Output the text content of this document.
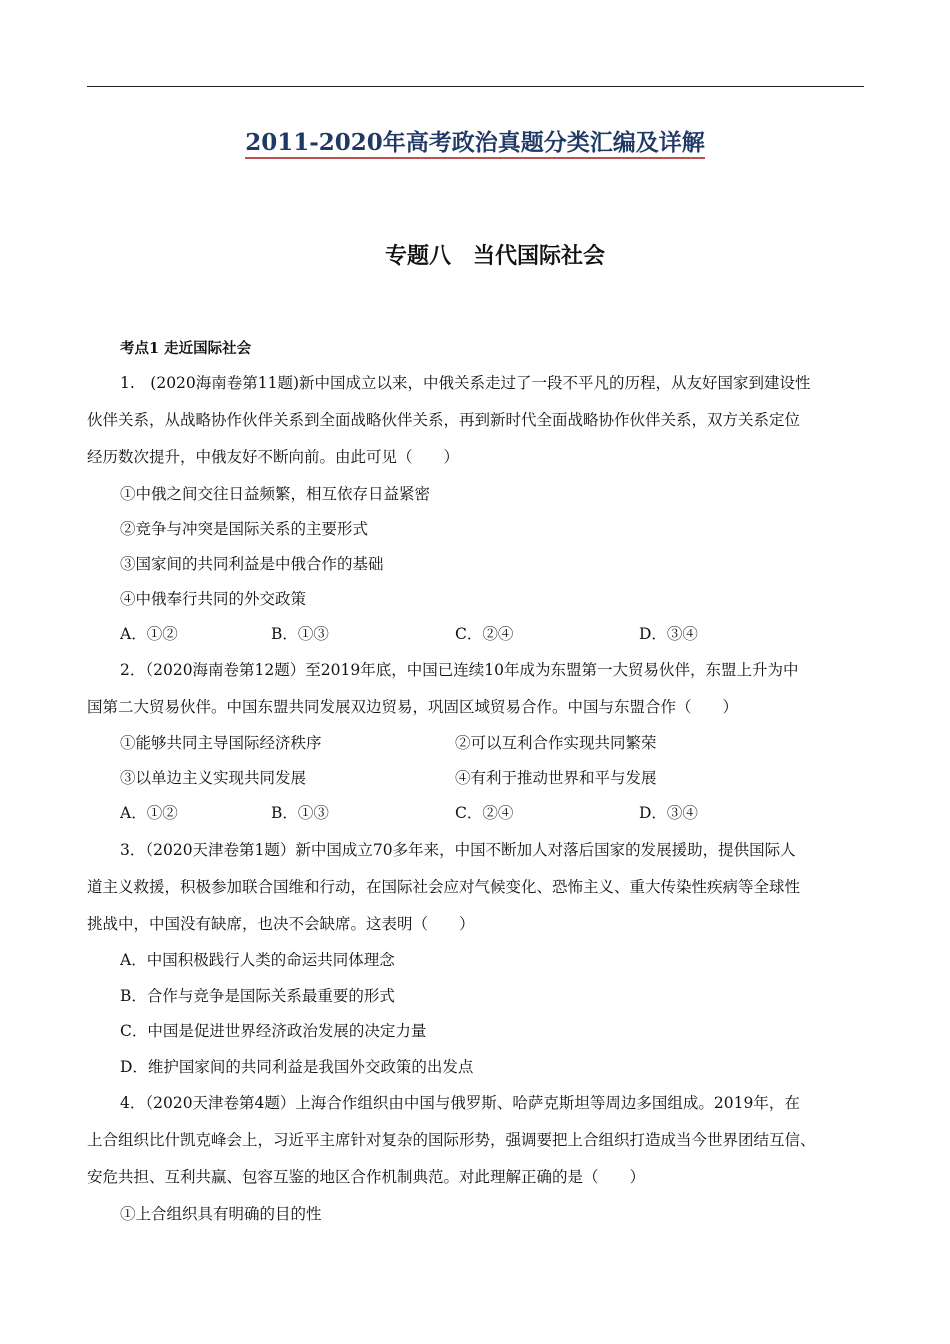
2011-2020年高考政治真题分类汇编及详解
专题八　当代国际社会
考点1 走近国际社会
1.　(2020海南卷第11题)新中国成立以来，中俄关系走过了一段不平凡的历程，从友好国家到建设性
伙伴关系，从战略协作伙伴关系到全面战略伙伴关系，再到新时代全面战略协作伙伴关系，双方关系定位
经历数次提升，中俄友好不断向前。由此可见（　　）
①中俄之间交往日益频繁，相互依存日益紧密
②竞争与冲突是国际关系的主要形式
③国家间的共同利益是中俄合作的基础
④中俄奉行共同的外交政策
A．①②	B．①③	C．②④	D．③④
2．（2020海南卷第12题）至2019年底，中国已连续10年成为东盟第一大贸易伙伴，东盟上升为中
国第二大贸易伙伴。中国东盟共同发展双边贸易，巩固区域贸易合作。中国与东盟合作（　　）
①能够共同主导国际经济秩序	②可以互利合作实现共同繁荣
③以单边主义实现共同发展	④有利于推动世界和平与发展
A．①②	B．①③	C．②④	D．③④
3．（2020天津卷第1题）新中国成立70多年来，中国不断加人对落后国家的发展援助，提供国际人
道主义救援，积极参加联合国维和行动，在国际社会应对气候变化、恐怖主义、重大传染性疾病等全球性
挑战中，中国没有缺席，也决不会缺席。这表明（　　）
A．中国积极践行人类的命运共同体理念
B．合作与竞争是国际关系最重要的形式
C．中国是促进世界经济政治发展的决定力量
D．维护国家间的共同利益是我国外交政策的出发点
4．（2020天津卷第4题）上海合作组织由中国与俄罗斯、哈萨克斯坦等周边多国组成。2019年，在
上合组织比什凯克峰会上，习近平主席针对复杂的国际形势，强调要把上合组织打造成当今世界团结互信、
安危共担、互利共赢、包容互鉴的地区合作机制典范。对此理解正确的是（　　）
①上合组织具有明确的目的性
